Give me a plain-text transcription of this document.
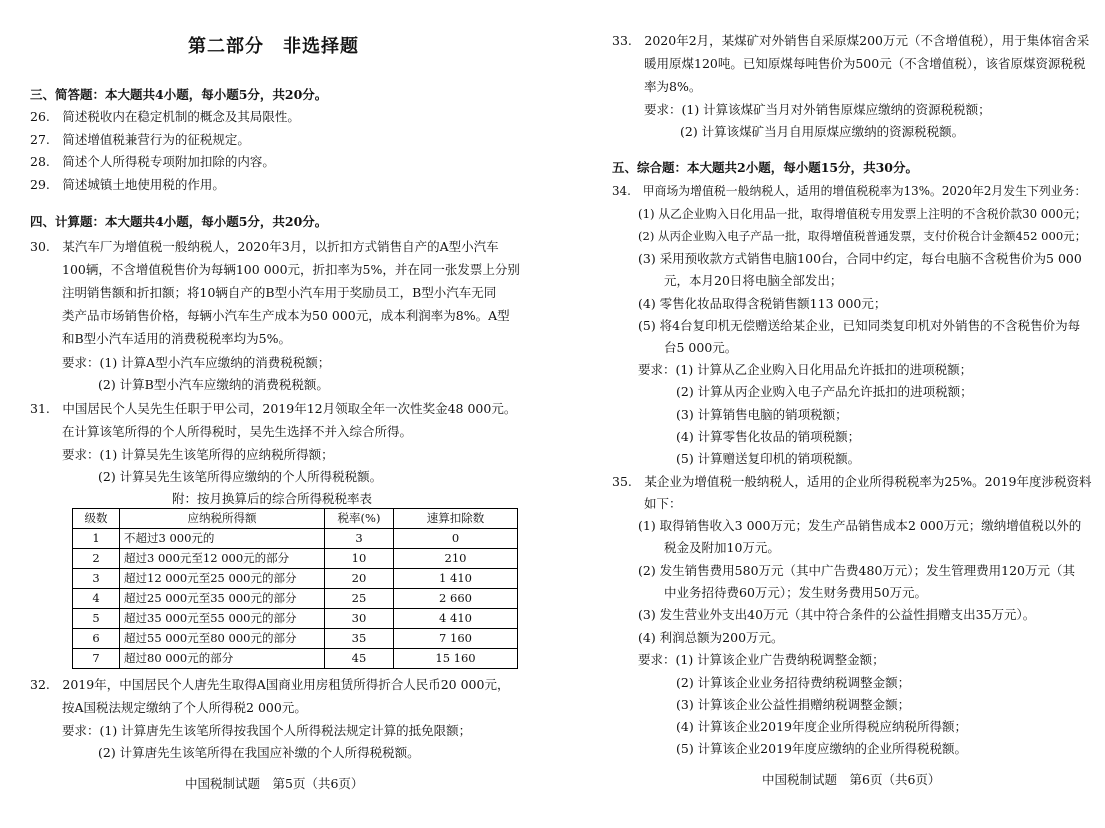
第二部分　非选择题
三、简答题：本大题共4小题，每小题5分，共20分。
26.　简述税收内在稳定机制的概念及其局限性。
27.　简述增值税兼营行为的征税规定。
28.　简述个人所得税专项附加扣除的内容。
29.　简述城镇土地使用税的作用。
四、计算题：本大题共4小题，每小题5分，共20分。
30.　某汽车厂为增值税一般纳税人，2020年3月，以折扣方式销售自产的A型小汽车
100辆，不含增值税售价为每辆100 000元，折扣率为5%，并在同一张发票上分别
注明销售额和折扣额；将10辆自产的B型小汽车用于奖励员工，B型小汽车无同
类产品市场销售价格，每辆小汽车生产成本为50 000元，成本利润率为8%。A型
和B型小汽车适用的消费税税率均为5%。
要求：(1) 计算A型小汽车应缴纳的消费税税额；
(2) 计算B型小汽车应缴纳的消费税税额。
31.　中国居民个人吴先生任职于甲公司，2019年12月领取全年一次性奖金48 000元。
在计算该笔所得的个人所得税时，吴先生选择不并入综合所得。
要求：(1) 计算吴先生该笔所得的应纳税所得额；
(2) 计算吴先生该笔所得应缴纳的个人所得税税额。
附：按月换算后的综合所得税税率表
级数	应纳税所得额	税率(%)	速算扣除数
1	不超过3 000元的	3	0
2	超过3 000元至12 000元的部分	10	210
3	超过12 000元至25 000元的部分	20	1 410
4	超过25 000元至35 000元的部分	25	2 660
5	超过35 000元至55 000元的部分	30	4 410
6	超过55 000元至80 000元的部分	35	7 160
7	超过80 000元的部分	45	15 160
32.　2019年，中国居民个人唐先生取得A国商业用房租赁所得折合人民币20 000元，
按A国税法规定缴纳了个人所得税2 000元。
要求：(1) 计算唐先生该笔所得按我国个人所得税法规定计算的抵免限额；
(2) 计算唐先生该笔所得在我国应补缴的个人所得税税额。
中国税制试题　第5页（共6页）
33.　2020年2月，某煤矿对外销售自采原煤200万元（不含增值税），用于集体宿舍采
暖用原煤120吨。已知原煤每吨售价为500元（不含增值税），该省原煤资源税税
率为8%。
要求：(1) 计算该煤矿当月对外销售原煤应缴纳的资源税税额；
(2) 计算该煤矿当月自用原煤应缴纳的资源税税额。
五、综合题：本大题共2小题，每小题15分，共30分。
34.　甲商场为增值税一般纳税人，适用的增值税税率为13%。2020年2月发生下列业务：
(1) 从乙企业购入日化用品一批，取得增值税专用发票上注明的不含税价款30 000元；
(2) 从丙企业购入电子产品一批，取得增值税普通发票，支付价税合计金额452 000元；
(3) 采用预收款方式销售电脑100台，合同中约定，每台电脑不含税售价为5 000
元，本月20日将电脑全部发出；
(4) 零售化妆品取得含税销售额113 000元；
(5) 将4台复印机无偿赠送给某企业，已知同类复印机对外销售的不含税售价为每
台5 000元。
要求：(1) 计算从乙企业购入日化用品允许抵扣的进项税额；
(2) 计算从丙企业购入电子产品允许抵扣的进项税额；
(3) 计算销售电脑的销项税额；
(4) 计算零售化妆品的销项税额；
(5) 计算赠送复印机的销项税额。
35.　某企业为增值税一般纳税人，适用的企业所得税税率为25%。2019年度涉税资料
如下：
(1) 取得销售收入3 000万元；发生产品销售成本2 000万元；缴纳增值税以外的
税金及附加10万元。
(2) 发生销售费用580万元（其中广告费480万元）；发生管理费用120万元（其
中业务招待费60万元）；发生财务费用50万元。
(3) 发生营业外支出40万元（其中符合条件的公益性捐赠支出35万元）。
(4) 利润总额为200万元。
要求：(1) 计算该企业广告费纳税调整金额；
(2) 计算该企业业务招待费纳税调整金额；
(3) 计算该企业公益性捐赠纳税调整金额；
(4) 计算该企业2019年度企业所得税应纳税所得额；
(5) 计算该企业2019年度应缴纳的企业所得税税额。
中国税制试题　第6页（共6页）
